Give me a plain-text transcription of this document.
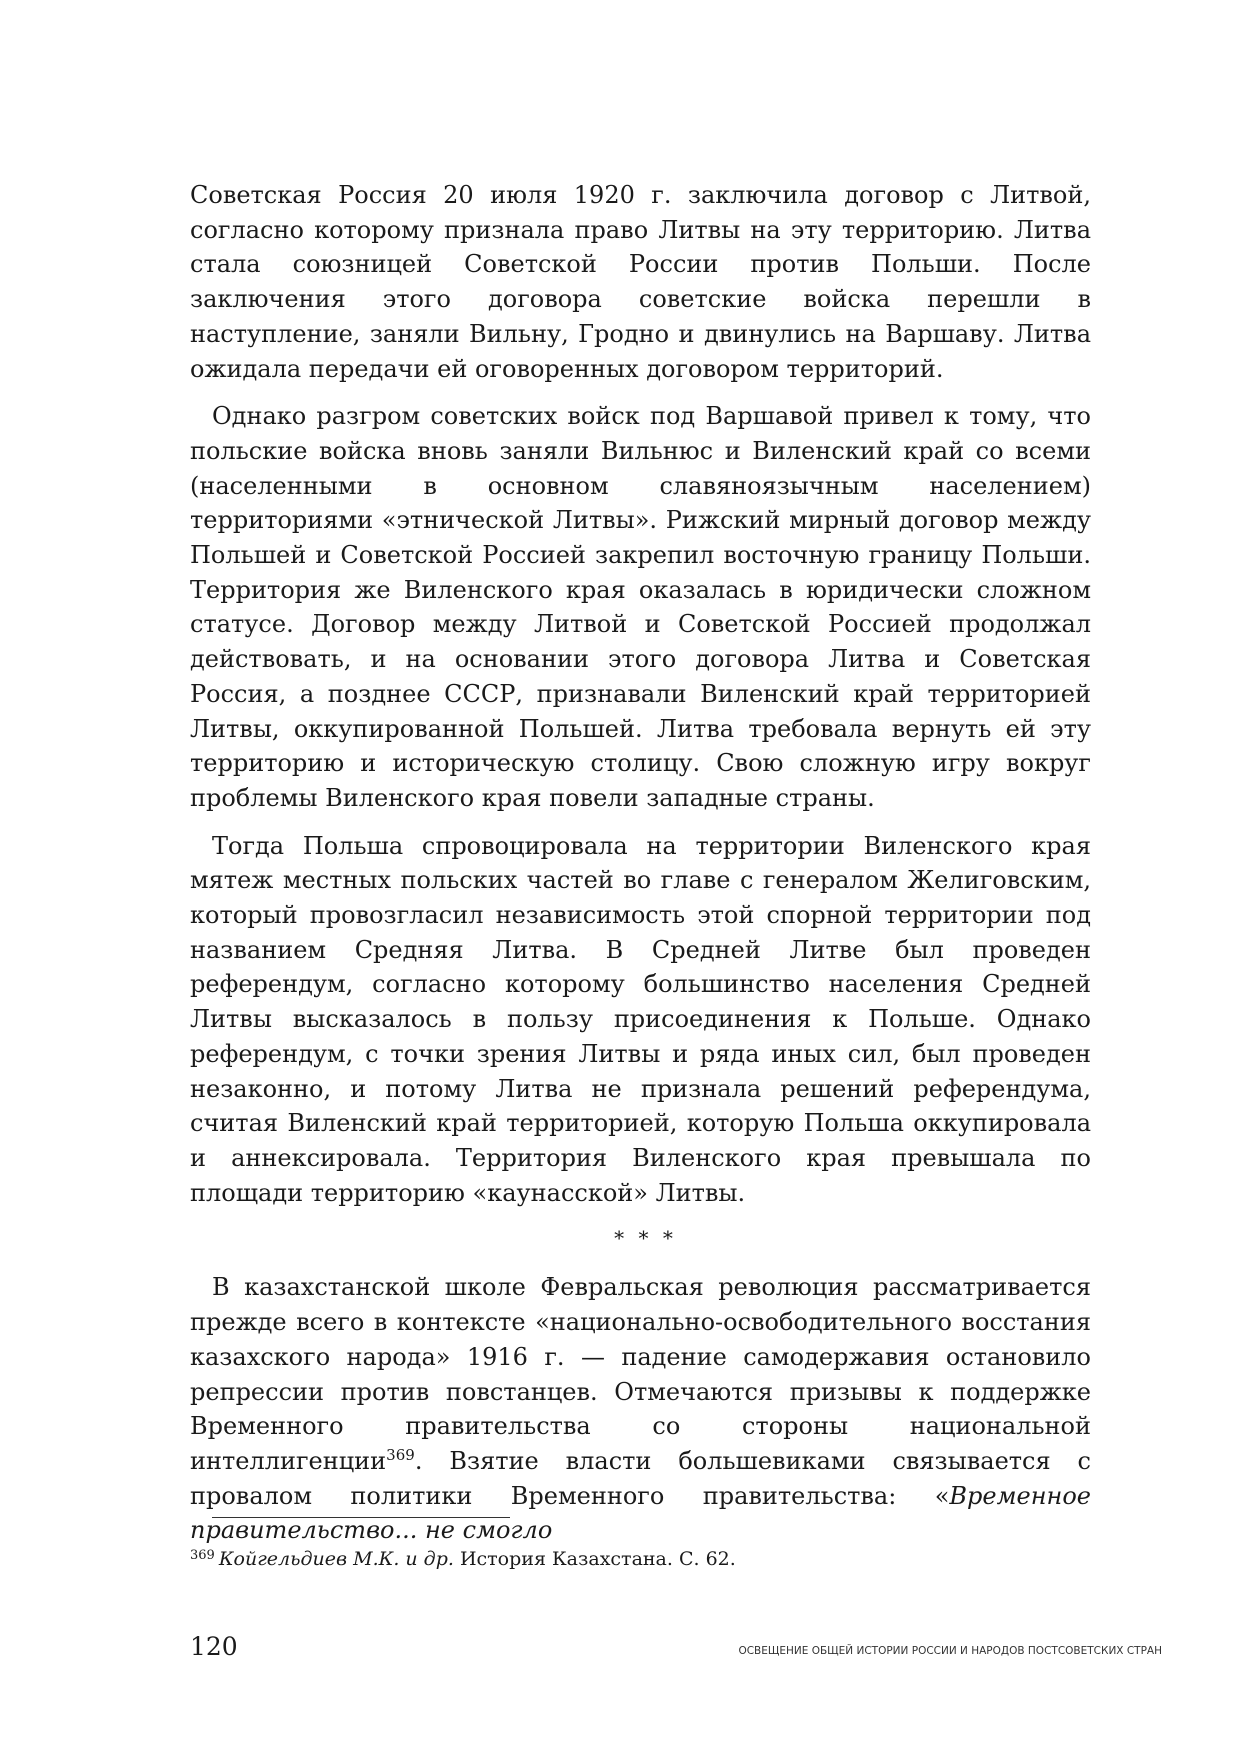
Советская Россия 20 июля 1920 г. заключила договор с Литвой, согласно которому признала право Литвы на эту территорию. Литва стала союзницей Советской России против Польши. После заключения этого договора советские войска перешли в наступление, заняли Вильну, Гродно и двинулись на Варшаву. Литва ожидала передачи ей оговоренных договором территорий.

Однако разгром советских войск под Варшавой привел к тому, что польские войска вновь заняли Вильнюс и Виленский край со всеми (населенными в основном славяноязычным населением) территориями «этнической Литвы». Рижский мирный договор между Польшей и Советской Россией закрепил восточную границу Польши. Территория же Виленского края оказалась в юридически сложном статусе. Договор между Литвой и Советской Россией продолжал действовать, и на основании этого договора Литва и Советская Россия, а позднее СССР, признавали Виленский край территорией Литвы, оккупированной Польшей. Литва требовала вернуть ей эту территорию и историческую столицу. Свою сложную игру вокруг проблемы Виленского края повели западные страны.

Тогда Польша спровоцировала на территории Виленского края мятеж местных польских частей во главе с генералом Желиговским, который провозгласил независимость этой спорной территории под названием Средняя Литва. В Средней Литве был проведен референдум, согласно которому большинство населения Средней Литвы высказалось в пользу присоединения к Польше. Однако референдум, с точки зрения Литвы и ряда иных сил, был проведен незаконно, и потому Литва не признала решений референдума, считая Виленский край территорией, которую Польша оккупировала и аннексировала. Территория Виленского края превышала по площади территорию «каунасской» Литвы.

* * *

В казахстанской школе Февральская революция рассматривается прежде всего в контексте «национально-освободительного восстания казахского народа» 1916 г. — падение самодержавия остановило репрессии против повстанцев. Отмечаются призывы к поддержке Временного правительства со стороны национальной интеллигенции$^{369}$. Взятие власти большевиками связывается с провалом политики Временного правительства: «Временное правительство... не смогло

$^{369}$ Койгельдиев М.К. и др. История Казахстана. С. 62.
120	ОСВЕЩЕНИЕ ОБЩЕЙ ИСТОРИИ РОССИИ И НАРОДОВ ПОСТСОВЕТСКИХ СТРАН
